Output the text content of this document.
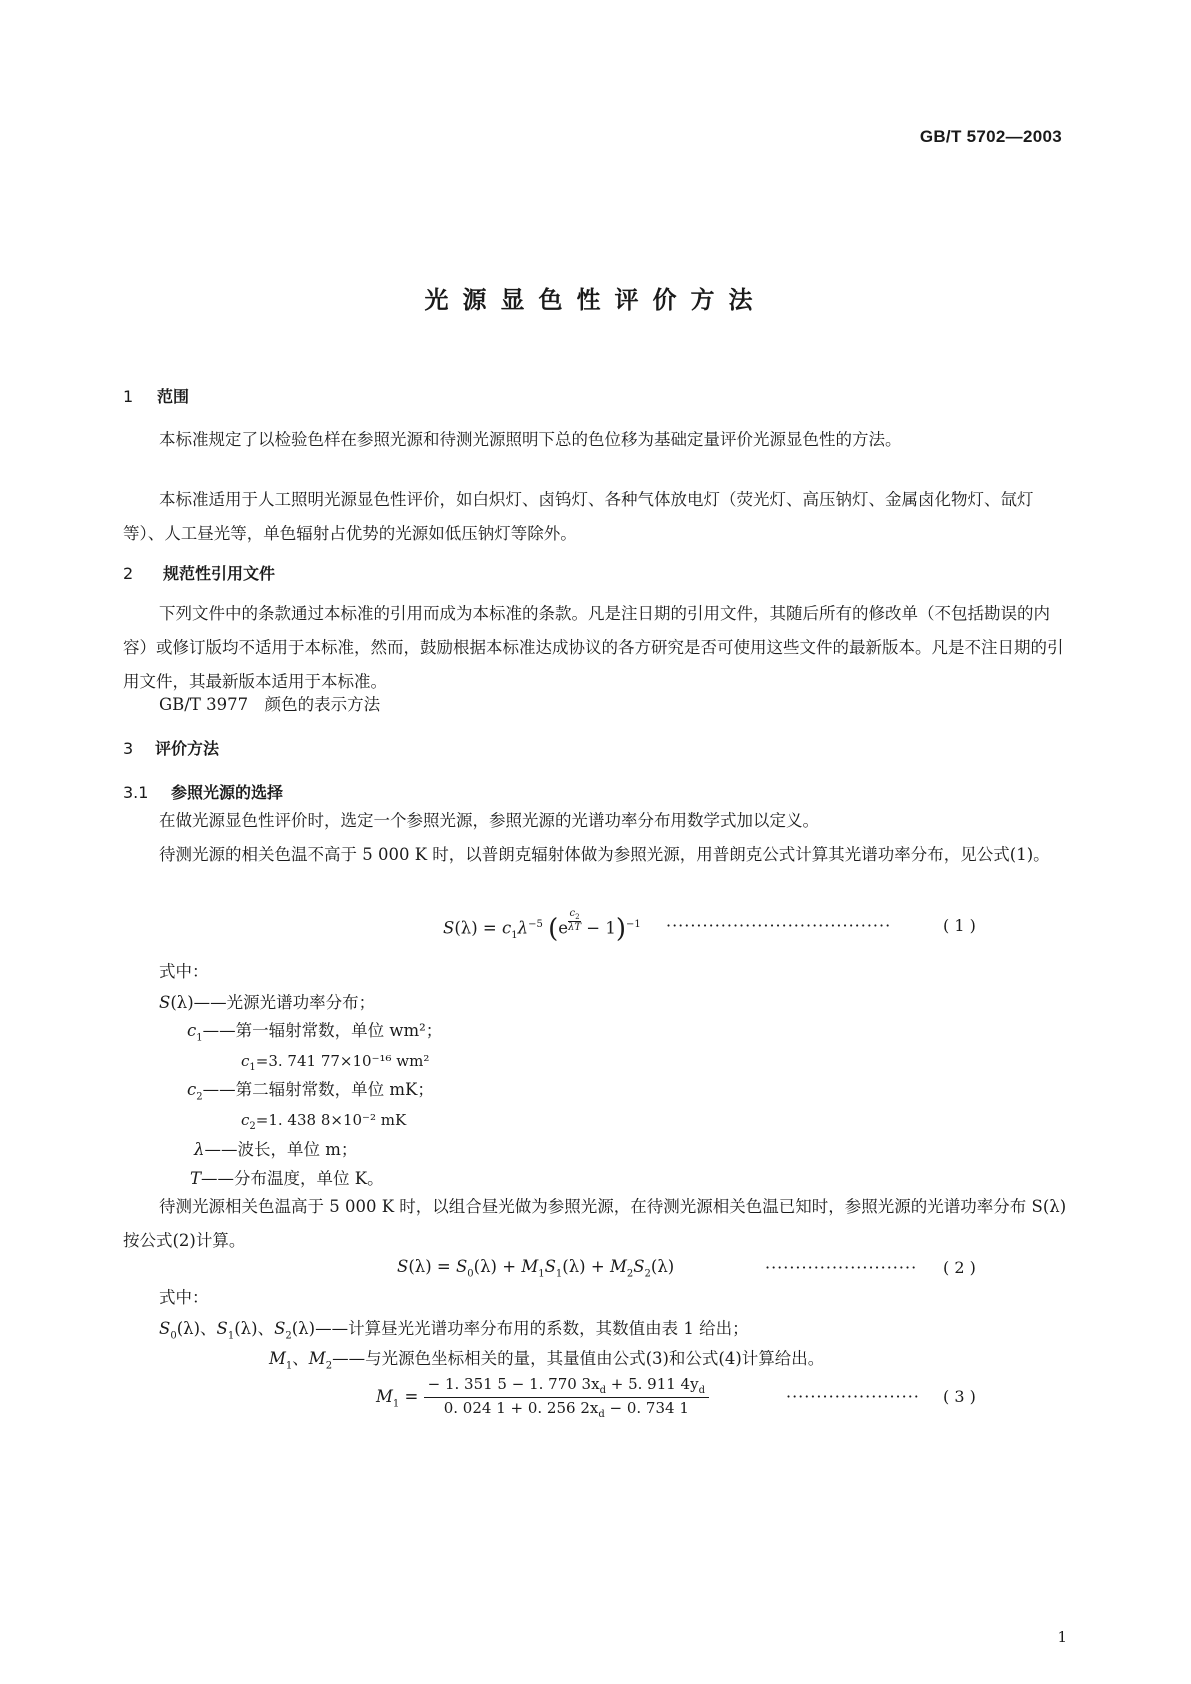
GB/T 5702—2003
光源显色性评价方法
1 范围
本标准规定了以检验色样在参照光源和待测光源照明下总的色位移为基础定量评价光源显色性的方法。
本标准适用于人工照明光源显色性评价，如白炽灯、卤钨灯、各种气体放电灯（荧光灯、高压钠灯、金属卤化物灯、氙灯等）、人工昼光等，单色辐射占优势的光源如低压钠灯等除外。
2 规范性引用文件
下列文件中的条款通过本标准的引用而成为本标准的条款。凡是注日期的引用文件，其随后所有的修改单（不包括勘误的内容）或修订版均不适用于本标准，然而，鼓励根据本标准达成协议的各方研究是否可使用这些文件的最新版本。凡是不注日期的引用文件，其最新版本适用于本标准。
GB/T 3977　颜色的表示方法
3 评价方法
3.1 参照光源的选择
在做光源显色性评价时，选定一个参照光源，参照光源的光谱功率分布用数学式加以定义。
待测光源的相关色温不高于 5 000 K 时，以普朗克辐射体做为参照光源，用普朗克公式计算其光谱功率分布，见公式(1)。
$S(\lambda) = c_1\lambda^{-5}$ (e $^{\frac{c_2}{\lambda T}}$ − 1)$^{-1}$ ·····································	( 1 )
式中：
S(λ)——光源光谱功率分布；
$c_1——$第一辐射常数，单位 wm²；
$c_1=3$. 741 77×10⁻¹⁶ wm²
$c_2——$第二辐射常数，单位 mK；
$c_2=1$. 438 8×10⁻² mK
λ——波长，单位 m；
T——分布温度，单位 K。
待测光源相关色温高于 5 000 K 时，以组合昼光做为参照光源，在待测光源相关色温已知时，参照光源的光谱功率分布 S(λ)按公式(2)计算。
$S(\lambda) = S_0(\lambda) + M_1S_1(\lambda) + M_2S_2(\lambda)$	························· ( 2 )
式中：
$S_0(\lambda)$、$S_1(\lambda)$、$S_2(\lambda)——$计算昼光光谱功率分布用的系数，其数值由表 1 给出；
$M_1$、$M_2——$与光源色坐标相关的量，其量值由公式(3)和公式(4)计算给出。
$M_1 = \frac{- 1. 351 5 - 1. 770 3x_d + 5. 911 4y_d}{0. 024 1 + 0. 256 2x_d - 0. 734 1}$	······················ ( 3 )
1
